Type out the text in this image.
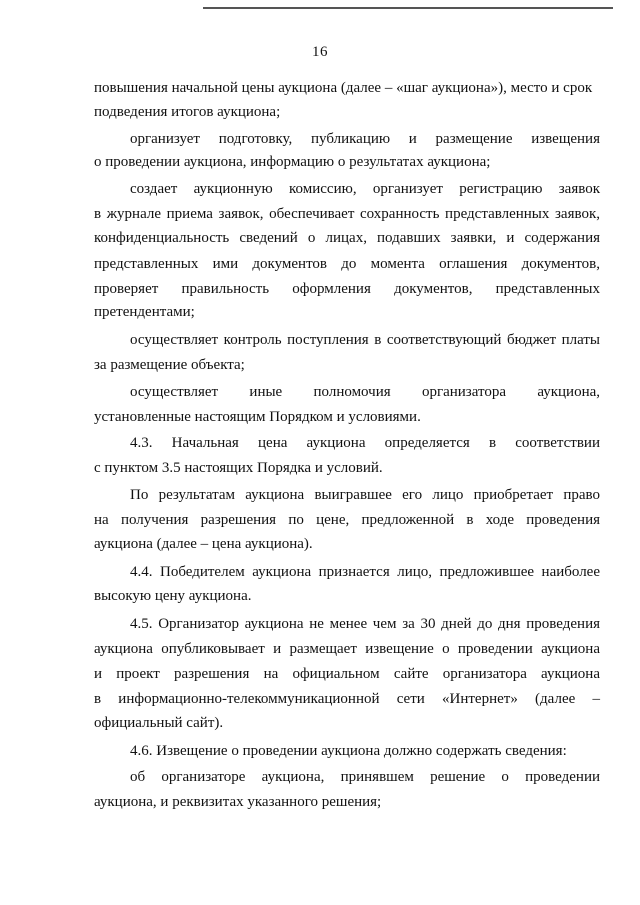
16
повышения начальной цены аукциона (далее – «шаг аукциона»), место и срок
подведения итогов аукциона;
организует подготовку, публикацию и размещение извещения
о проведении аукциона, информацию о результатах аукциона;
создает аукционную комиссию, организует регистрацию заявок
в журнале приема заявок, обеспечивает сохранность представленных заявок,
конфиденциальность сведений о лицах, подавших заявки, и содержания
представленных ими документов до момента оглашения документов,
проверяет правильность оформления документов, представленных
претендентами;
осуществляет контроль поступления в соответствующий бюджет платы
за размещение объекта;
осуществляет иные полномочия организатора аукциона,
установленные настоящим Порядком и условиями.
4.3. Начальная цена аукциона определяется в соответствии
с пунктом 3.5 настоящих Порядка и условий.
По результатам аукциона выигравшее его лицо приобретает право
на получения разрешения по цене, предложенной в ходе проведения
аукциона (далее – цена аукциона).
4.4. Победителем аукциона признается лицо, предложившее наиболее
высокую цену аукциона.
4.5. Организатор аукциона не менее чем за 30 дней до дня проведения
аукциона опубликовывает и размещает извещение о проведении аукциона
и проект разрешения на официальном сайте организатора аукциона
в информационно-телекоммуникационной сети «Интернет» (далее –
официальный сайт).
4.6. Извещение о проведении аукциона должно содержать сведения:
об организаторе аукциона, принявшем решение о проведении
аукциона, и реквизитах указанного решения;
